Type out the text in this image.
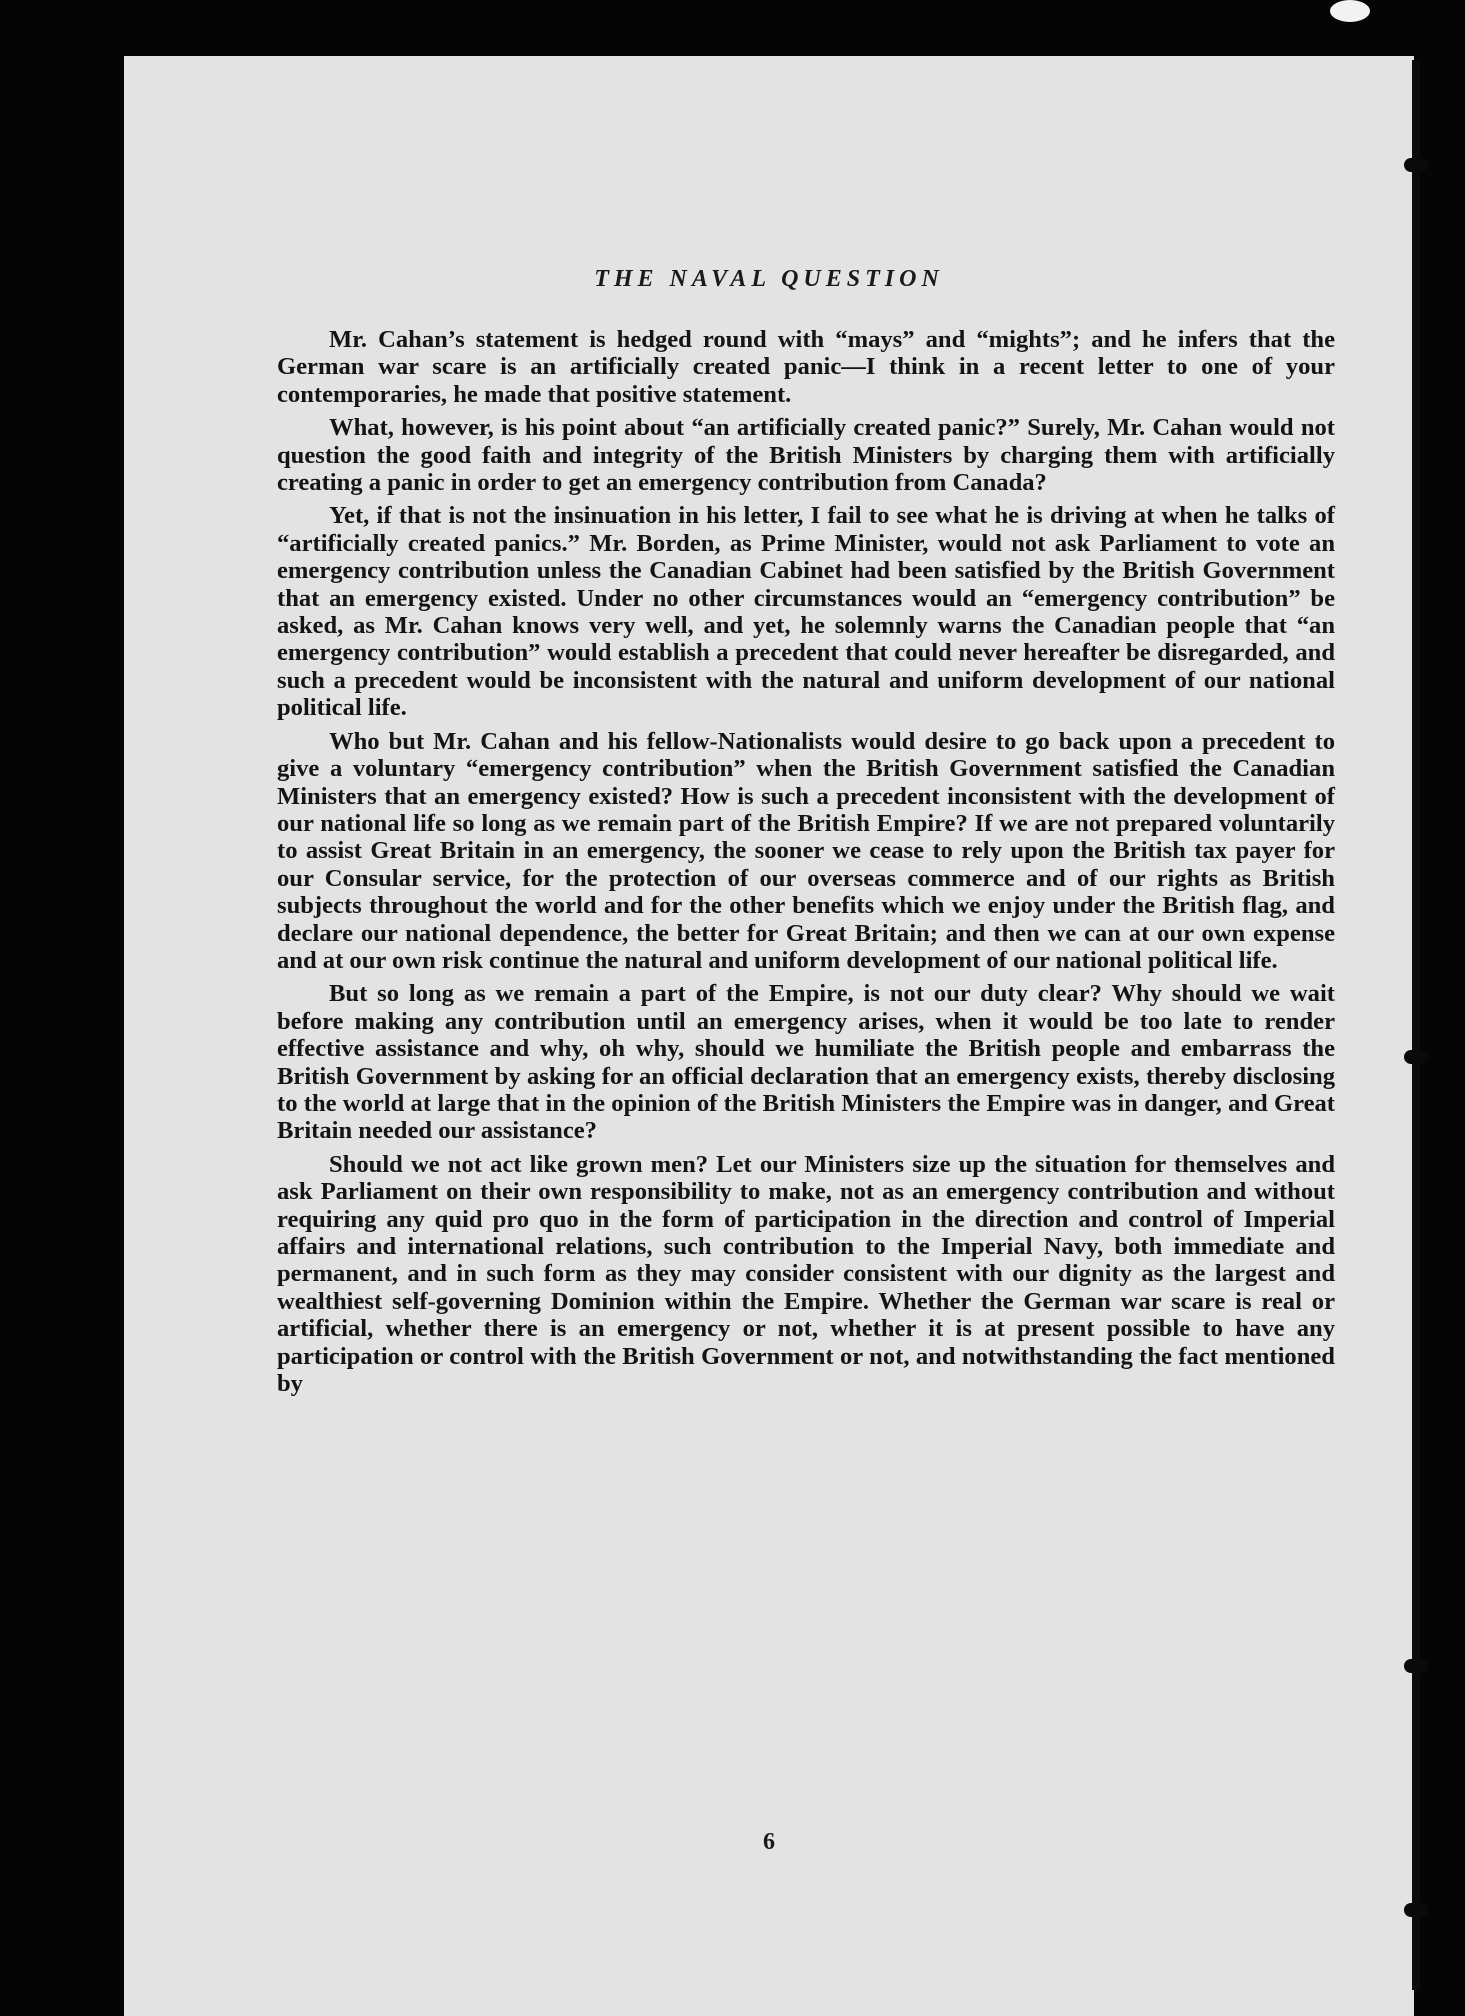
THE NAVAL QUESTION

Mr. Cahan’s statement is hedged round with “mays” and “mights”; and he infers that the German war scare is an artificially created panic—I think in a recent letter to one of your contemporaries, he made that positive statement.

What, however, is his point about “an artificially created panic?” Surely, Mr. Cahan would not question the good faith and integrity of the British Ministers by charging them with artificially creating a panic in order to get an emergency contribution from Canada?

Yet, if that is not the insinuation in his letter, I fail to see what he is driving at when he talks of “artificially created panics.” Mr. Borden, as Prime Minister, would not ask Parliament to vote an emergency contribution unless the Canadian Cabinet had been satisfied by the British Government that an emergency existed. Under no other circumstances would an “emergency contribution” be asked, as Mr. Cahan knows very well, and yet, he solemnly warns the Canadian people that “an emergency contribution” would establish a precedent that could never hereafter be disregarded, and such a precedent would be inconsistent with the natural and uniform development of our national political life.

Who but Mr. Cahan and his fellow-Nationalists would desire to go back upon a precedent to give a voluntary “emergency contribution” when the British Government satisfied the Canadian Ministers that an emergency existed? How is such a precedent inconsistent with the development of our national life so long as we remain part of the British Empire? If we are not prepared voluntarily to assist Great Britain in an emergency, the sooner we cease to rely upon the British tax payer for our Consular service, for the protection of our overseas commerce and of our rights as British subjects throughout the world and for the other benefits which we enjoy under the British flag, and declare our national dependence, the better for Great Britain; and then we can at our own expense and at our own risk continue the natural and uniform development of our national political life.

But so long as we remain a part of the Empire, is not our duty clear? Why should we wait before making any contribution until an emergency arises, when it would be too late to render effective assistance and why, oh why, should we humiliate the British people and embarrass the British Government by asking for an official declaration that an emergency exists, thereby disclosing to the world at large that in the opinion of the British Ministers the Empire was in danger, and Great Britain needed our assistance?

Should we not act like grown men? Let our Ministers size up the situation for themselves and ask Parliament on their own responsibility to make, not as an emergency contribution and without requiring any quid pro quo in the form of participation in the direction and control of Imperial affairs and international relations, such contribution to the Imperial Navy, both immediate and permanent, and in such form as they may consider consistent with our dignity as the largest and wealthiest self-governing Dominion within the Empire. Whether the German war scare is real or artificial, whether there is an emergency or not, whether it is at present possible to have any participation or control with the British Government or not, and notwithstanding the fact mentioned by

6
